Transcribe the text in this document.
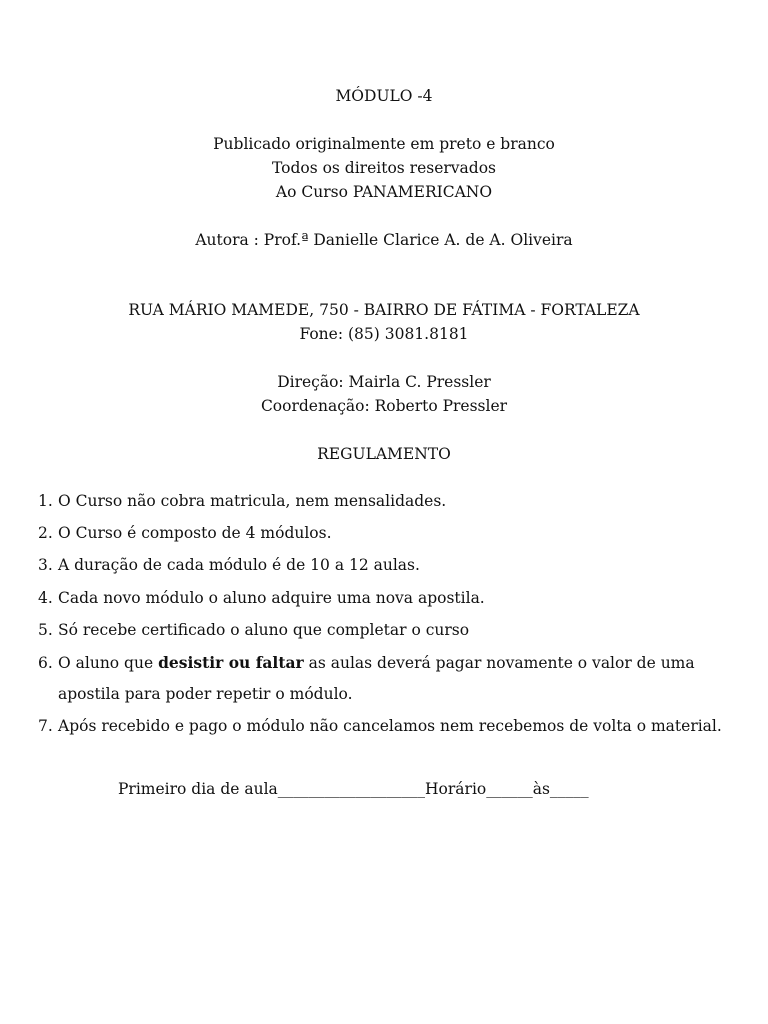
MÓDULO -4
Publicado originalmente em preto e branco
Todos os direitos reservados
Ao Curso PANAMERICANO
Autora : Prof.ª Danielle Clarice A. de A. Oliveira
RUA MÁRIO MAMEDE, 750 - BAIRRO DE FÁTIMA - FORTALEZA
Fone: (85) 3081.8181
Direção: Mairla C. Pressler
Coordenação: Roberto Pressler
REGULAMENTO
1. O Curso não cobra matricula, nem mensalidades.
2. O Curso é composto de 4 módulos.
3. A duração de cada módulo é de 10 a 12 aulas.
4. Cada novo módulo o aluno adquire uma nova apostila.
5. Só recebe certificado o aluno que completar o curso
6. O aluno que desistir ou faltar as aulas deverá pagar novamente o valor de uma
apostila para poder repetir o módulo.
7. Após recebido e pago o módulo não cancelamos nem recebemos de volta o material.
Primeiro dia de aula___________________Horário______às_____
